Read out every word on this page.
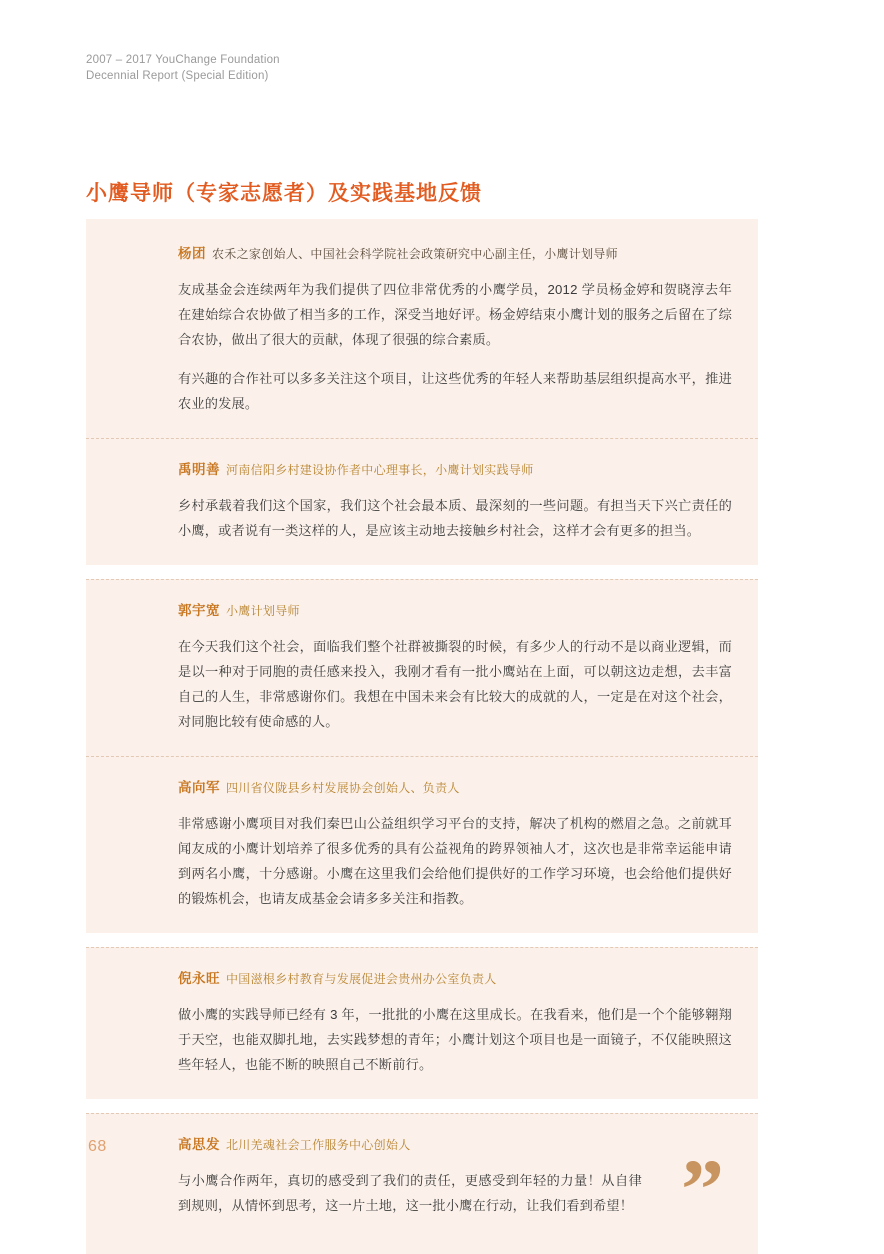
2007 – 2017 YouChange Foundation
Decennial Report (Special Edition)
小鹰导师（专家志愿者）及实践基地反馈

杨团 农禾之家创始人、中国社会科学院社会政策研究中心副主任，小鹰计划导师

友成基金会连续两年为我们提供了四位非常优秀的小鹰学员，2012 学员杨金婷和贺晓淳去年在建始综合农协做了相当多的工作，深受当地好评。杨金婷结束小鹰计划的服务之后留在了综合农协，做出了很大的贡献，体现了很强的综合素质。

有兴趣的合作社可以多多关注这个项目，让这些优秀的年轻人来帮助基层组织提高水平，推进农业的发展。

禹明善 河南信阳乡村建设协作者中心理事长，小鹰计划实践导师

乡村承载着我们这个国家，我们这个社会最本质、最深刻的一些问题。有担当天下兴亡责任的小鹰，或者说有一类这样的人，是应该主动地去接触乡村社会，这样才会有更多的担当。

郭宇宽 小鹰计划导师

在今天我们这个社会，面临我们整个社群被撕裂的时候，有多少人的行动不是以商业逻辑，而是以一种对于同胞的责任感来投入，我刚才看有一批小鹰站在上面，可以朝这边走想，去丰富自己的人生，非常感谢你们。我想在中国未来会有比较大的成就的人，一定是在对这个社会，对同胞比较有使命感的人。

高向军 四川省仪陇县乡村发展协会创始人、负责人

非常感谢小鹰项目对我们秦巴山公益组织学习平台的支持，解决了机构的燃眉之急。之前就耳闻友成的小鹰计划培养了很多优秀的具有公益视角的跨界领袖人才，这次也是非常幸运能申请到两名小鹰，十分感谢。小鹰在这里我们会给他们提供好的工作学习环境，也会给他们提供好的锻炼机会，也请友成基金会请多多关注和指教。

倪永旺 中国滋根乡村教育与发展促进会贵州办公室负责人

做小鹰的实践导师已经有 3 年，一批批的小鹰在这里成长。在我看来，他们是一个个能够翱翔于天空，也能双脚扎地，去实践梦想的青年；小鹰计划这个项目也是一面镜子，不仅能映照这些年轻人，也能不断的映照自己不断前行。

高思发 北川羌魂社会工作服务中心创始人

与小鹰合作两年，真切的感受到了我们的责任，更感受到年轻的力量！从自律到规则，从情怀到思考，这一片土地，这一批小鹰在行动，让我们看到希望！ ”
68
